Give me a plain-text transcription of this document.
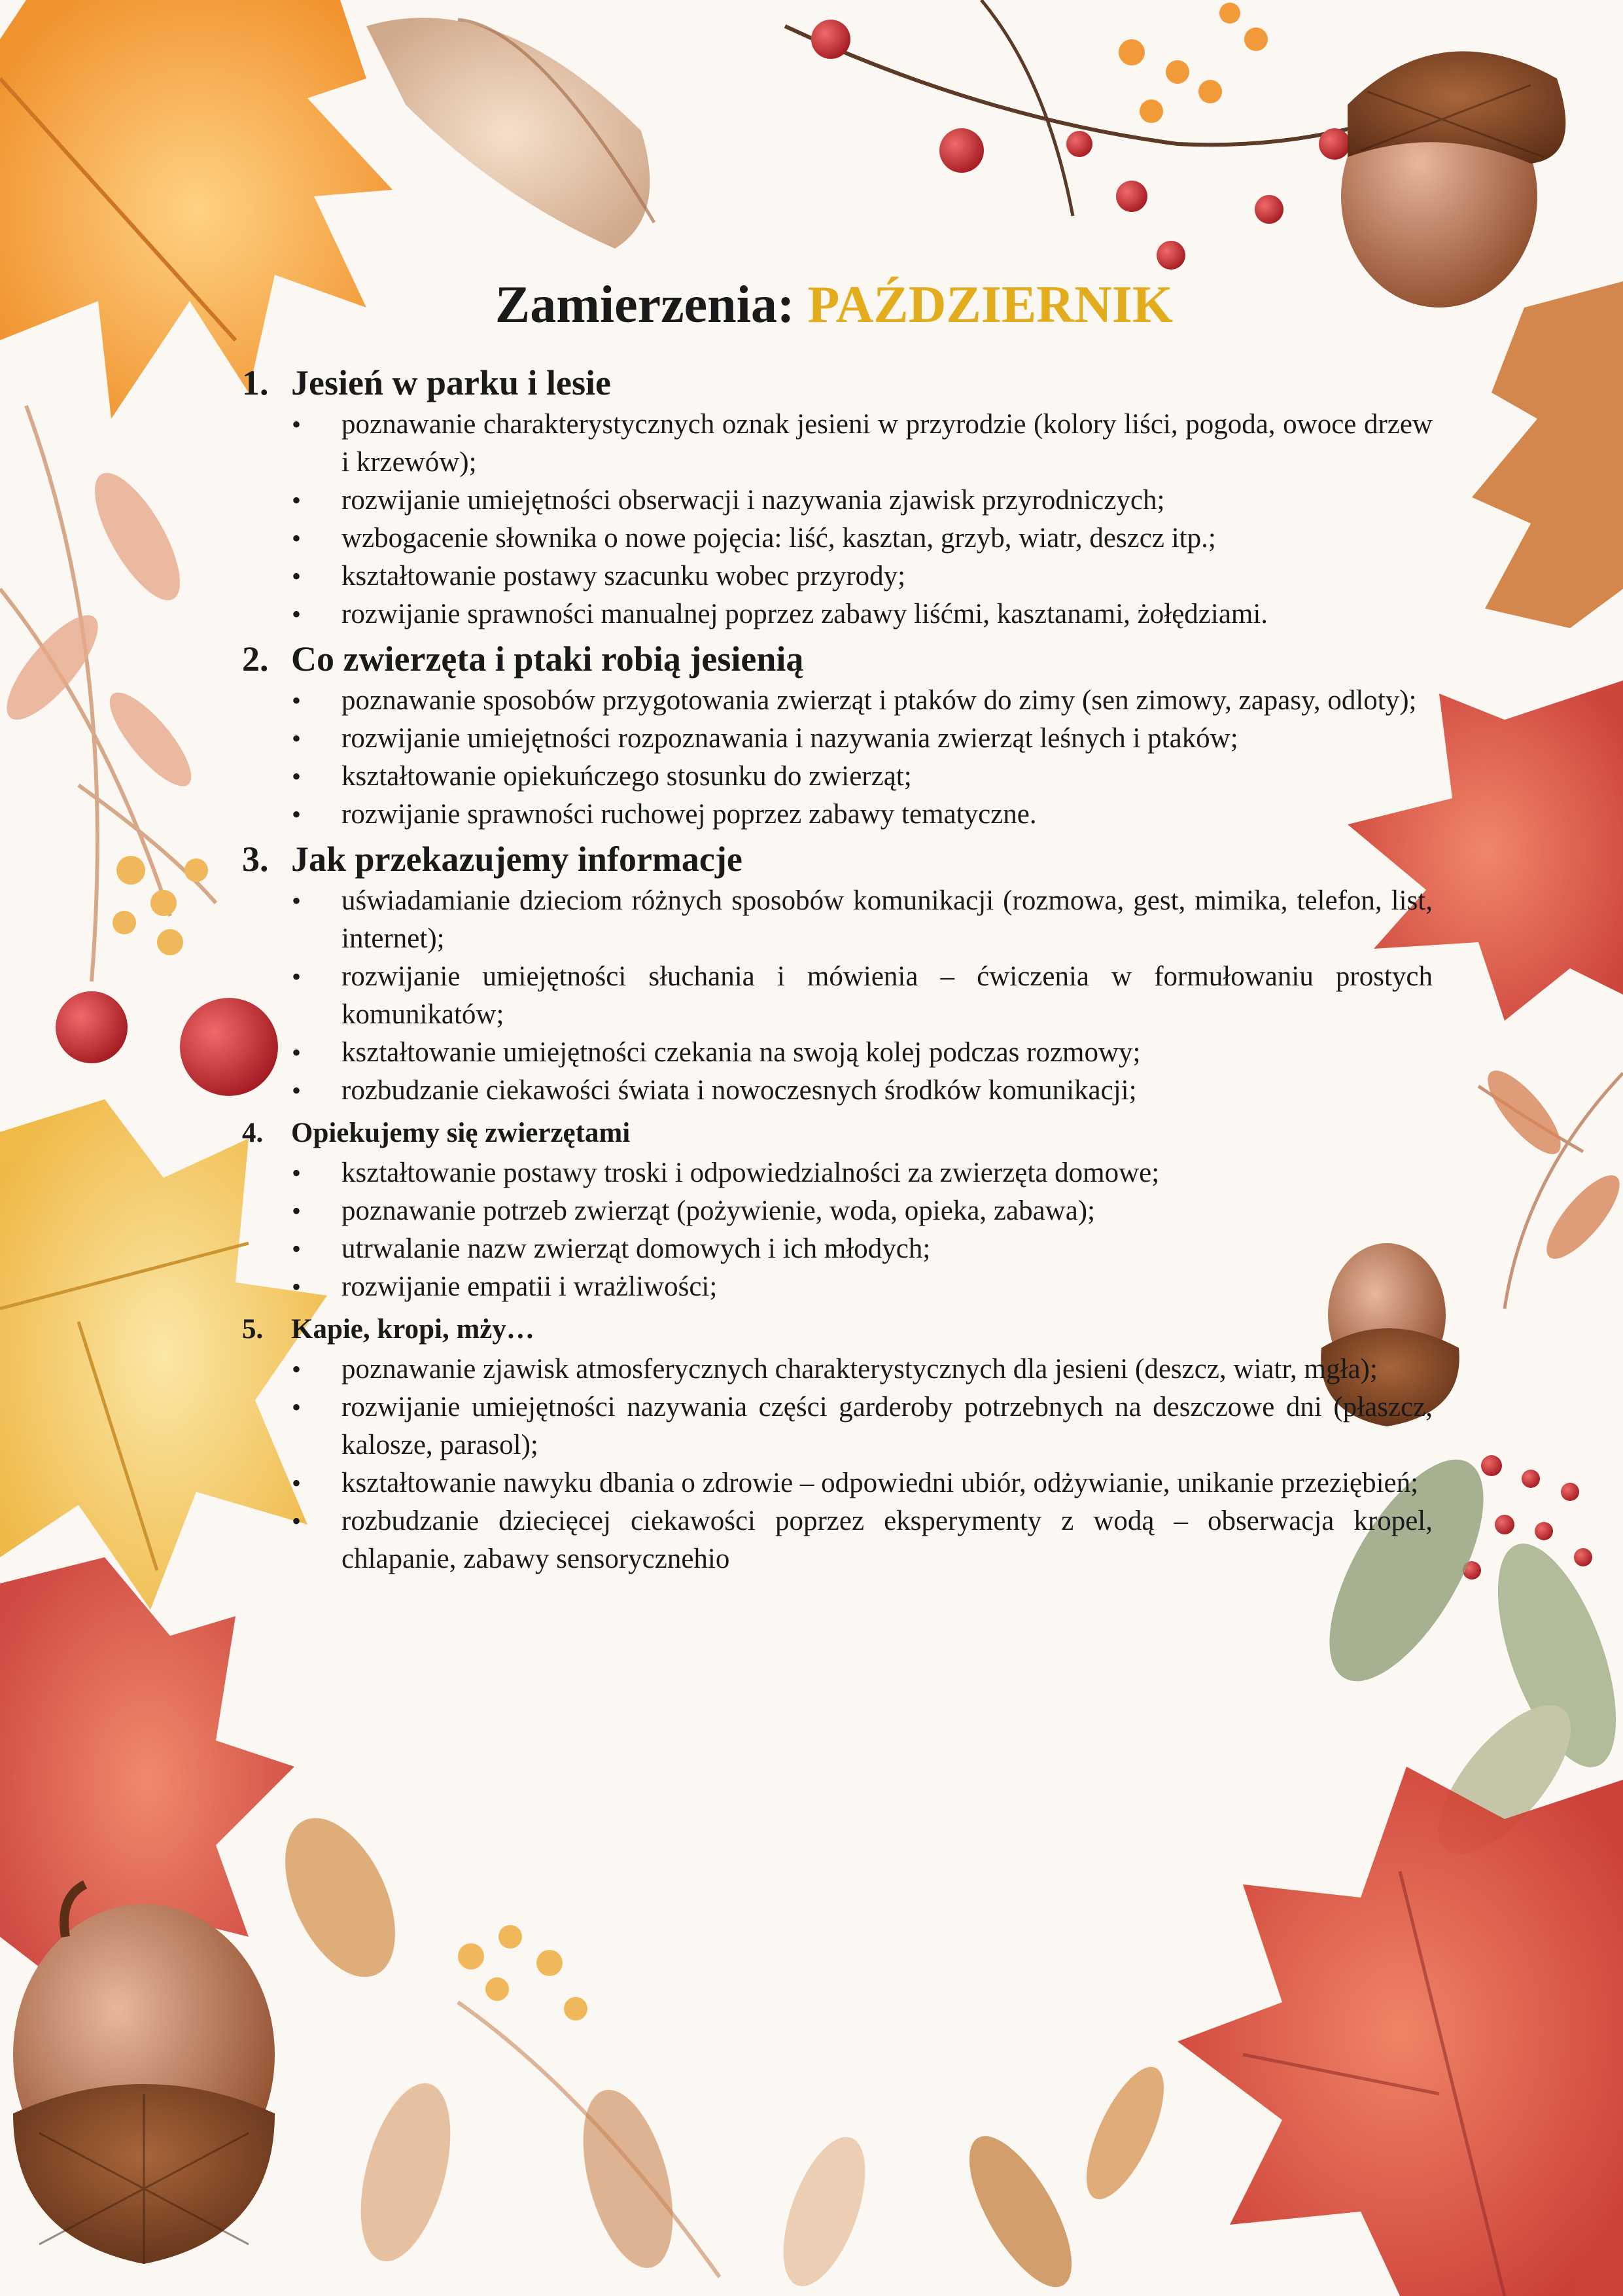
Zamierzenia: PAŹDZIERNIK
1. Jesień w parku i lesie
• poznawanie charakterystycznych oznak jesieni w przyrodzie (kolory liści, pogoda, owoce drzew i krzewów);
• rozwijanie umiejętności obserwacji i nazywania zjawisk przyrodniczych;
• wzbogacenie słownika o nowe pojęcia: liść, kasztan, grzyb, wiatr, deszcz itp.;
• kształtowanie postawy szacunku wobec przyrody;
• rozwijanie sprawności manualnej poprzez zabawy liśćmi, kasztanami, żołędziami.
2. Co zwierzęta i ptaki robią jesienią
• poznawanie sposobów przygotowania zwierząt i ptaków do zimy (sen zimowy, zapasy, odloty);
• rozwijanie umiejętności rozpoznawania i nazywania zwierząt leśnych i ptaków;
• kształtowanie opiekuńczego stosunku do zwierząt;
• rozwijanie sprawności ruchowej poprzez zabawy tematyczne.
3. Jak przekazujemy informacje
• uświadamianie dzieciom różnych sposobów komunikacji (rozmowa, gest, mimika, telefon, list, internet);
• rozwijanie umiejętności słuchania i mówienia – ćwiczenia w formułowaniu prostych komunikatów;
• kształtowanie umiejętności czekania na swoją kolej podczas rozmowy;
• rozbudzanie ciekawości świata i nowoczesnych środków komunikacji;
4. Opiekujemy się zwierzętami
• kształtowanie postawy troski i odpowiedzialności za zwierzęta domowe;
• poznawanie potrzeb zwierząt (pożywienie, woda, opieka, zabawa);
• utrwalanie nazw zwierząt domowych i ich młodych;
• rozwijanie empatii i wrażliwości;
5. Kapie, kropi, mży…
• poznawanie zjawisk atmosferycznych charakterystycznych dla jesieni (deszcz, wiatr, mgła);
• rozwijanie umiejętności nazywania części garderoby potrzebnych na deszczowe dni (płaszcz, kalosze, parasol);
• kształtowanie nawyku dbania o zdrowie – odpowiedni ubiór, odżywianie, unikanie przeziębień;
• rozbudzanie dziecięcej ciekawości poprzez eksperymenty z wodą – obserwacja kropel, chlapanie, zabawy sensorycznehio
